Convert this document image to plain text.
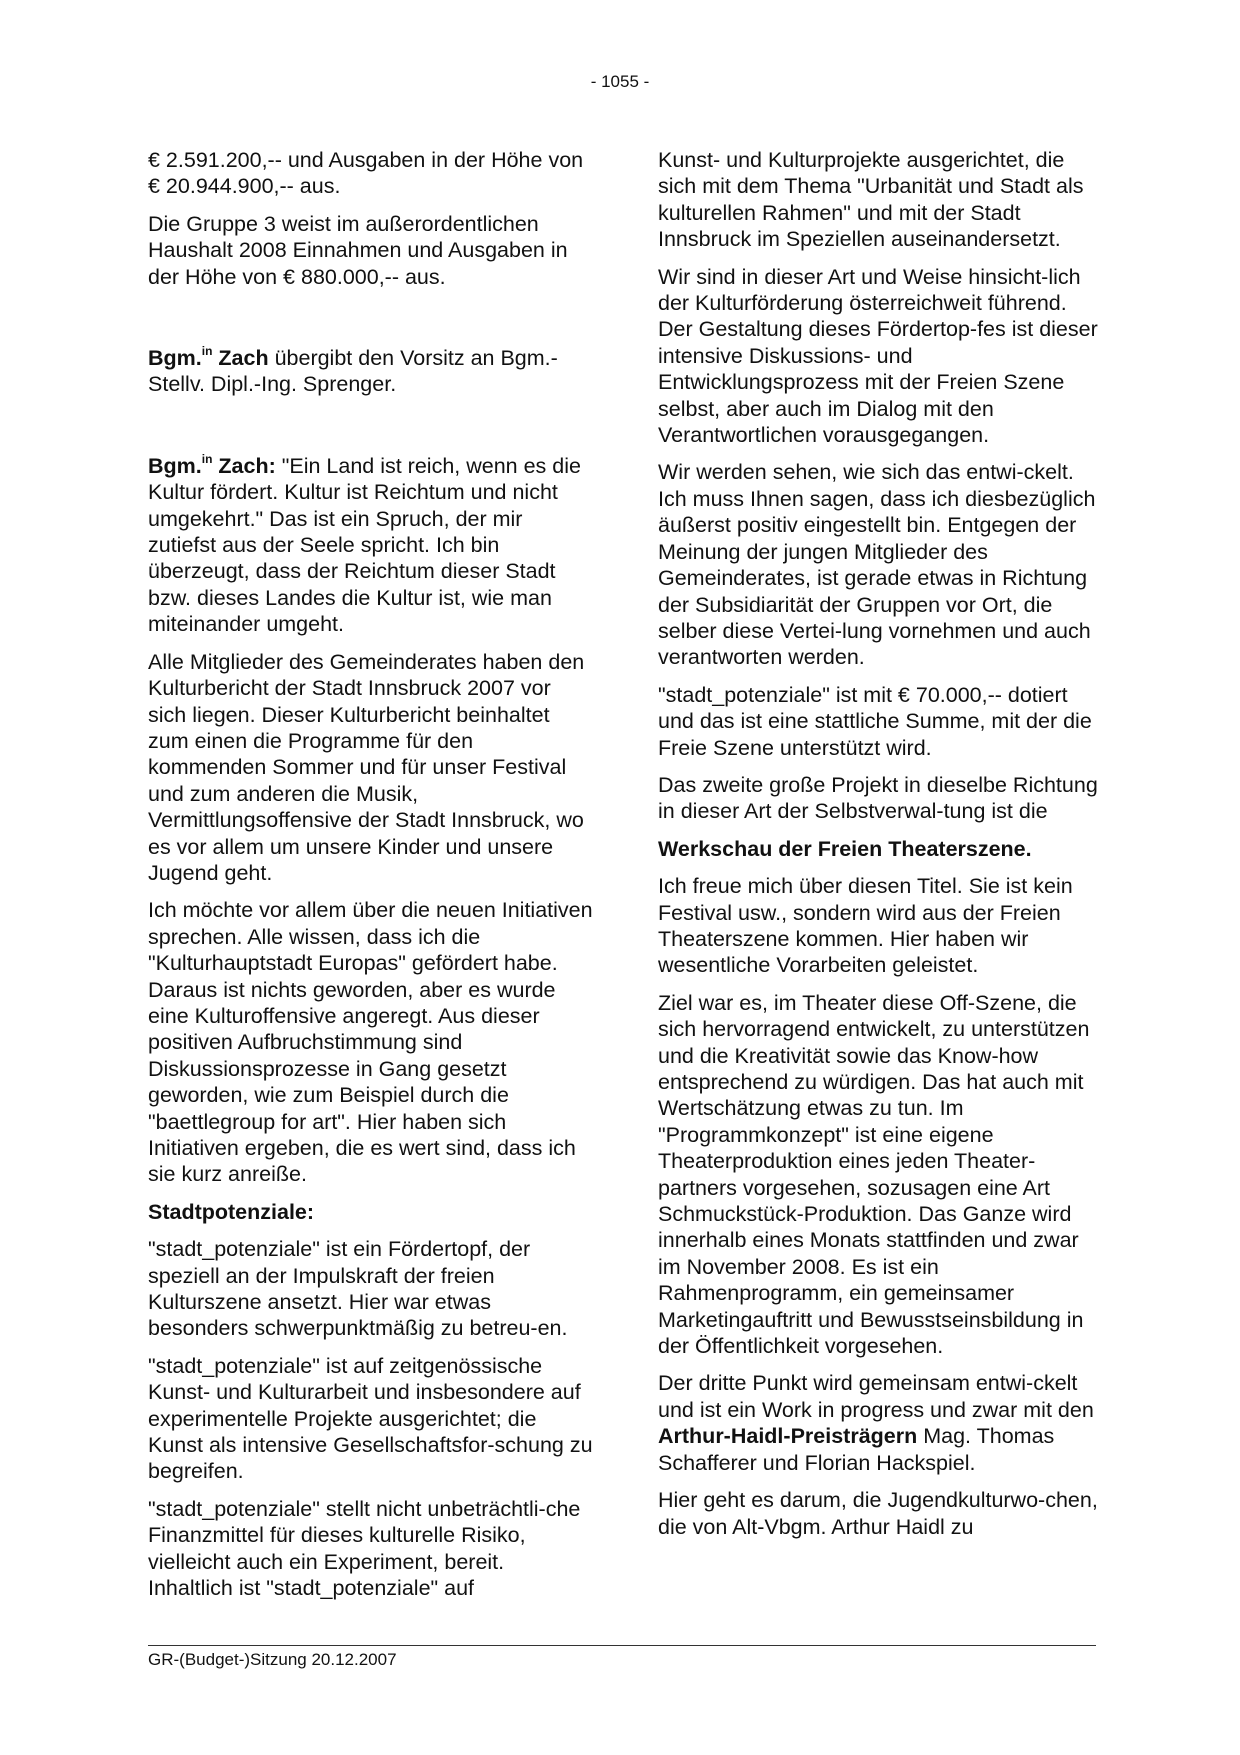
- 1055 -

€ 2.591.200,-- und Ausgaben in der Höhe von € 20.944.900,-- aus.

Die Gruppe 3 weist im außerordentlichen Haushalt 2008 Einnahmen und Ausgaben in der Höhe von € 880.000,-- aus.

Bgm.$^{in}$ Zach übergibt den Vorsitz an Bgm.-Stellv. Dipl.-Ing. Sprenger.

Bgm.$^{in}$ Zach: "Ein Land ist reich, wenn es die Kultur fördert. Kultur ist Reichtum und nicht umgekehrt." Das ist ein Spruch, der mir zutiefst aus der Seele spricht. Ich bin überzeugt, dass der Reichtum dieser Stadt bzw. dieses Landes die Kultur ist, wie man miteinander umgeht.

Alle Mitglieder des Gemeinderates haben den Kulturbericht der Stadt Innsbruck 2007 vor sich liegen. Dieser Kulturbericht beinhaltet zum einen die Programme für den kommenden Sommer und für unser Festival und zum anderen die Musik, Vermittlungsoffensive der Stadt Innsbruck, wo es vor allem um unsere Kinder und unsere Jugend geht.

Ich möchte vor allem über die neuen Initiativen sprechen. Alle wissen, dass ich die "Kulturhauptstadt Europas" gefördert habe. Daraus ist nichts geworden, aber es wurde eine Kulturoffensive angeregt. Aus dieser positiven Aufbruchstimmung sind Diskussionsprozesse in Gang gesetzt geworden, wie zum Beispiel durch die "baettlegroup for art". Hier haben sich Initiativen ergeben, die es wert sind, dass ich sie kurz anreiße.

Stadtpotenziale:

"stadt_potenziale" ist ein Fördertopf, der speziell an der Impulskraft der freien Kulturszene ansetzt. Hier war etwas besonders schwerpunktmäßig zu betreu-en.

"stadt_potenziale" ist auf zeitgenössische Kunst- und Kulturarbeit und insbesondere auf experimentelle Projekte ausgerichtet; die Kunst als intensive Gesellschaftsfor-schung zu begreifen.

"stadt_potenziale" stellt nicht unbeträchtli-che Finanzmittel für dieses kulturelle Risiko, vielleicht auch ein Experiment, bereit. Inhaltlich ist "stadt_potenziale" auf

Kunst- und Kulturprojekte ausgerichtet, die sich mit dem Thema "Urbanität und Stadt als kulturellen Rahmen" und mit der Stadt Innsbruck im Speziellen auseinandersetzt.

Wir sind in dieser Art und Weise hinsicht-lich der Kulturförderung österreichweit führend. Der Gestaltung dieses Fördertop-fes ist dieser intensive Diskussions- und Entwicklungsprozess mit der Freien Szene selbst, aber auch im Dialog mit den Verantwortlichen vorausgegangen.

Wir werden sehen, wie sich das entwi-ckelt. Ich muss Ihnen sagen, dass ich diesbezüglich äußerst positiv eingestellt bin. Entgegen der Meinung der jungen Mitglieder des Gemeinderates, ist gerade etwas in Richtung der Subsidiarität der Gruppen vor Ort, die selber diese Vertei-lung vornehmen und auch verantworten werden.

"stadt_potenziale" ist mit € 70.000,-- dotiert und das ist eine stattliche Summe, mit der die Freie Szene unterstützt wird.

Das zweite große Projekt in dieselbe Richtung in dieser Art der Selbstverwal-tung ist die

Werkschau der Freien Theaterszene.

Ich freue mich über diesen Titel. Sie ist kein Festival usw., sondern wird aus der Freien Theaterszene kommen. Hier haben wir wesentliche Vorarbeiten geleistet.

Ziel war es, im Theater diese Off-Szene, die sich hervorragend entwickelt, zu unterstützen und die Kreativität sowie das Know-how entsprechend zu würdigen. Das hat auch mit Wertschätzung etwas zu tun. Im "Programmkonzept" ist eine eigene Theaterproduktion eines jeden Theater-partners vorgesehen, sozusagen eine Art Schmuckstück-Produktion. Das Ganze wird innerhalb eines Monats stattfinden und zwar im November 2008. Es ist ein Rahmenprogramm, ein gemeinsamer Marketingauftritt und Bewusstseinsbildung in der Öffentlichkeit vorgesehen.

Der dritte Punkt wird gemeinsam entwi-ckelt und ist ein Work in progress und zwar mit den Arthur-Haidl-Preisträgern Mag. Thomas Schafferer und Florian Hackspiel.

Hier geht es darum, die Jugendkulturwo-chen, die von Alt-Vbgm. Arthur Haidl zu

GR-(Budget-)Sitzung 20.12.2007
